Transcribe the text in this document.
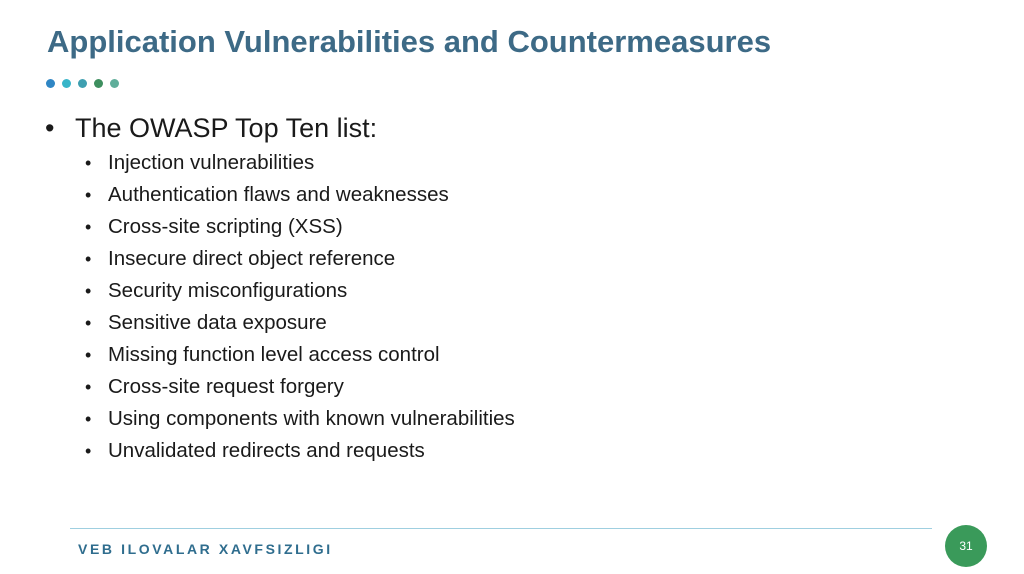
Application Vulnerabilities and Countermeasures
• The OWASP Top Ten list:
• Injection vulnerabilities
• Authentication flaws and weaknesses
• Cross-site scripting (XSS)
• Insecure direct object reference
• Security misconfigurations
• Sensitive data exposure
• Missing function level access control
• Cross-site request forgery
• Using components with known vulnerabilities
• Unvalidated redirects and requests
VEB ILOVALAR XAVFSIZLIGI	31
